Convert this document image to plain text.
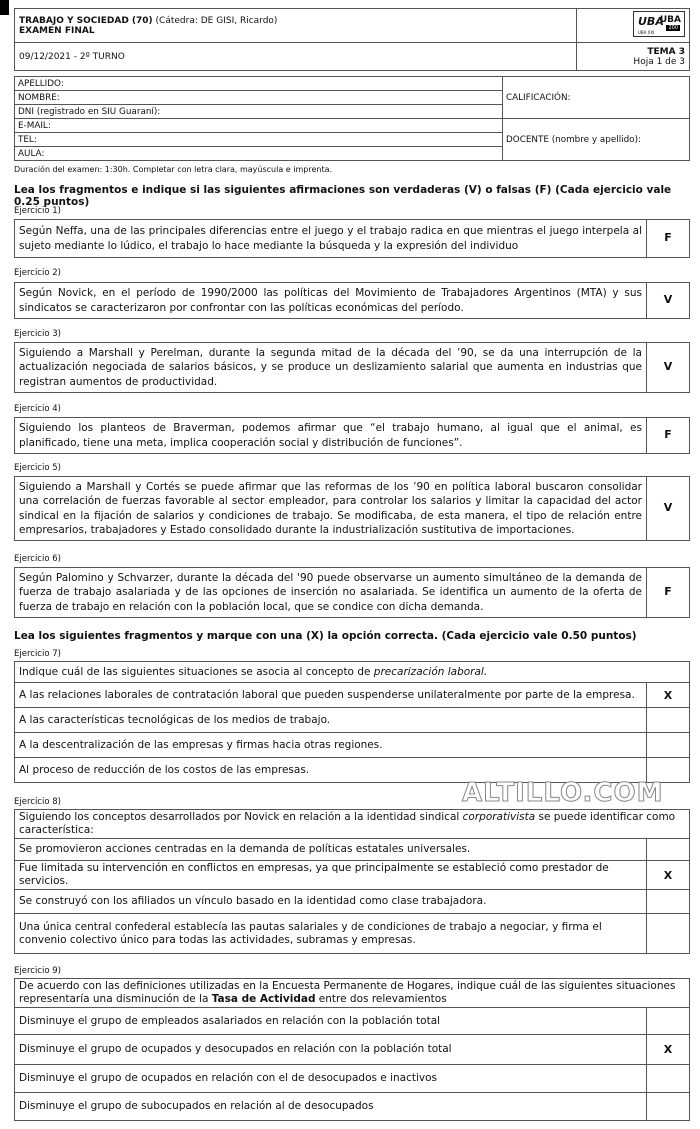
TRABAJO Y SOCIEDAD (70) (Cátedra: DE GISI, Ricardo)
EXAMEN FINAL	UBA
UBA
200
UBA XXI

09/12/2021 - 2º TURNO	TEMA 3
Hoja 1 de 3
APELLIDO:	CALIFICACIÓN:
NOMBRE:	
DNI (registrado en SIU Guaraní):	
E-MAIL:	DOCENTE (nombre y apellido):
TEL:	
AULA:	
Duración del examen: 1:30h. Completar con letra clara, mayúscula e imprenta.
Lea los fragmentos e indique si las siguientes afirmaciones son verdaderas (V) o falsas (F) (Cada ejercicio vale 0.25 puntos)
Ejercicio 1)
Según Neffa, una de las principales diferencias entre el juego y el trabajo radica en que mientras el juego interpela al sujeto mediante lo lúdico, el trabajo lo hace mediante la búsqueda y la expresión del individuo	F
Ejercicio 2)
Según Novick, en el período de 1990/2000 las políticas del Movimiento de Trabajadores Argentinos (MTA) y sus sindicatos se caracterizaron por confrontar con las políticas económicas del período.	V
Ejercicio 3)
Siguiendo a Marshall y Perelman, durante la segunda mitad de la década del ’90, se da una interrupción de la actualización negociada de salarios básicos, y se produce un deslizamiento salarial que aumenta en industrias que registran aumentos de productividad.	V
Ejercicio 4)
Siguiendo los planteos de Braverman, podemos afirmar que “el trabajo humano, al igual que el animal, es planificado, tiene una meta, implica cooperación social y distribución de funciones”.	F
Ejercicio 5)
Siguiendo a Marshall y Cortés se puede afirmar que las reformas de los ’90 en política laboral buscaron consolidar una correlación de fuerzas favorable al sector empleador, para controlar los salarios y limitar la capacidad del actor sindical en la fijación de salarios y condiciones de trabajo. Se modificaba, de esta manera, el tipo de relación entre empresarios, trabajadores y Estado consolidado durante la industrialización sustitutiva de importaciones.	V
Ejercicio 6)
Según Palomino y Schvarzer, durante la década del '90 puede observarse un aumento simultáneo de la demanda de fuerza de trabajo asalariada y de las opciones de inserción no asalariada. Se identifica un aumento de la oferta de fuerza de trabajo en relación con la población local, que se condice con dicha demanda.	F
Lea los siguientes fragmentos y marque con una (X) la opción correcta. (Cada ejercicio vale 0.50 puntos)
Ejercicio 7)
Indique cuál de las siguientes situaciones se asocia al concepto de precarización laboral.	
A las relaciones laborales de contratación laboral que pueden suspenderse unilateralmente por parte de la empresa.	X
A las características tecnológicas de los medios de trabajo.	
A la descentralización de las empresas y firmas hacia otras regiones.	
Al proceso de reducción de los costos de las empresas.	
ALTILLO.COM
Ejercicio 8)
Siguiendo los conceptos desarrollados por Novick en relación a la identidad sindical corporativista se puede identificar como característica:	
Se promovieron acciones centradas en la demanda de políticas estatales universales.	
Fue limitada su intervención en conflictos en empresas, ya que principalmente se estableció como prestador de servicios.	X
Se construyó con los afiliados un vínculo basado en la identidad como clase trabajadora.	
Una única central confederal establecía las pautas salariales y de condiciones de trabajo a negociar, y firma el convenio colectivo único para todas las actividades, subramas y empresas.	
Ejercicio 9)
De acuerdo con las definiciones utilizadas en la Encuesta Permanente de Hogares, indique cuál de las siguientes situaciones representaría una disminución de la Tasa de Actividad entre dos relevamientos	
Disminuye el grupo de empleados asalariados en relación con la población total	
Disminuye el grupo de ocupados y desocupados en relación con la población total	X
Disminuye el grupo de ocupados en relación con el de desocupados e inactivos	
Disminuye el grupo de subocupados en relación al de desocupados	
